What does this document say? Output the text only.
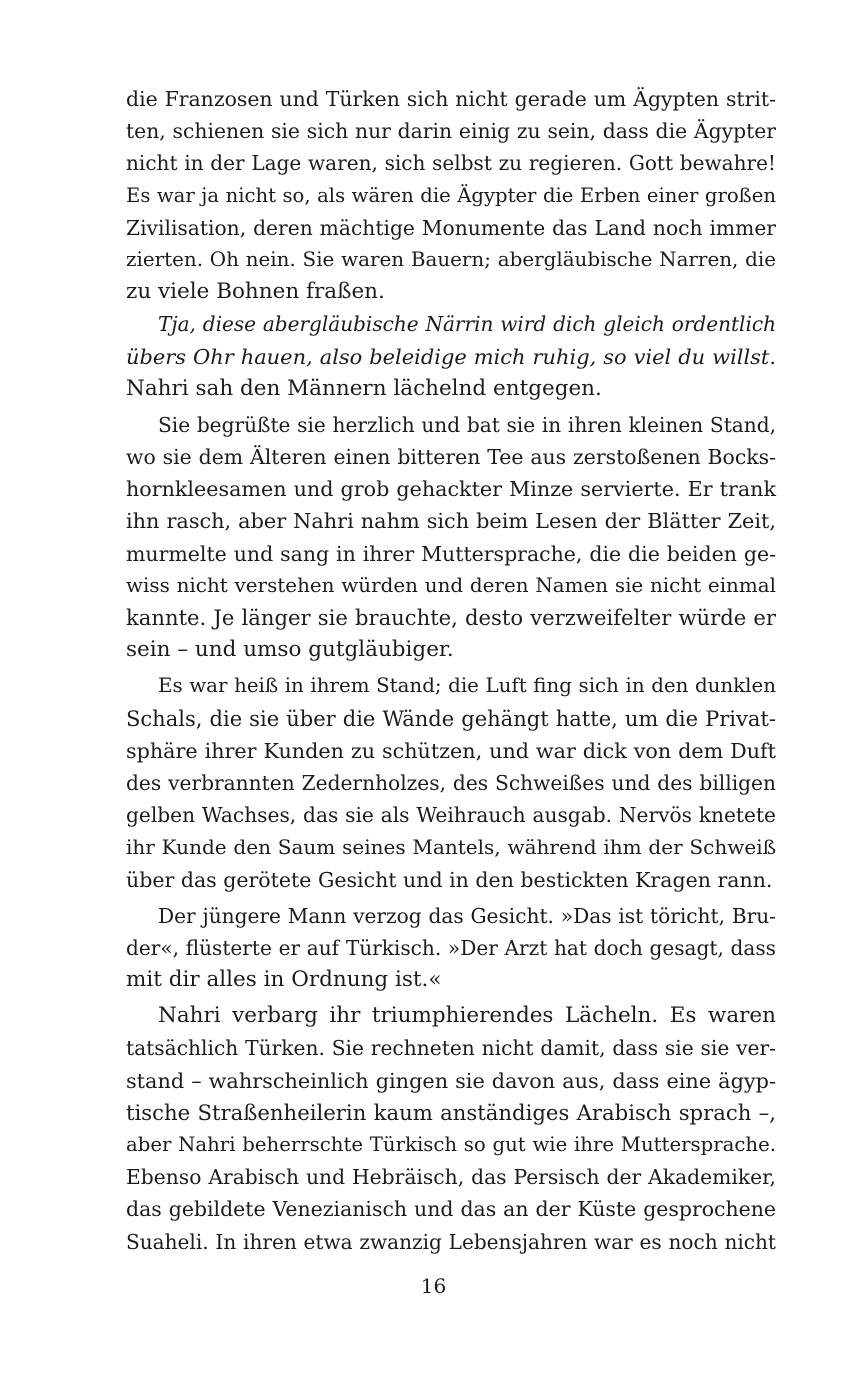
die Franzosen und Türken sich nicht gerade um Ägypten strit-
ten, schienen sie sich nur darin einig zu sein, dass die Ägypter
nicht in der Lage waren, sich selbst zu regieren. Gott bewahre!
Es war ja nicht so, als wären die Ägypter die Erben einer großen
Zivilisation, deren mächtige Monumente das Land noch immer
zierten. Oh nein. Sie waren Bauern; abergläubische Narren, die
zu viele Bohnen fraßen.
Tja, diese abergläubische Närrin wird dich gleich ordentlich
übers Ohr hauen, also beleidige mich ruhig, so viel du willst.
Nahri sah den Männern lächelnd entgegen.
Sie begrüßte sie herzlich und bat sie in ihren kleinen Stand,
wo sie dem Älteren einen bitteren Tee aus zerstoßenen Bocks-
hornkleesamen und grob gehackter Minze servierte. Er trank
ihn rasch, aber Nahri nahm sich beim Lesen der Blätter Zeit,
murmelte und sang in ihrer Muttersprache, die die beiden ge-
wiss nicht verstehen würden und deren Namen sie nicht einmal
kannte. Je länger sie brauchte, desto verzweifelter würde er
sein – und umso gutgläubiger.
Es war heiß in ihrem Stand; die Luft fing sich in den dunklen
Schals, die sie über die Wände gehängt hatte, um die Privat-
sphäre ihrer Kunden zu schützen, und war dick von dem Duft
des verbrannten Zedernholzes, des Schweißes und des billigen
gelben Wachses, das sie als Weihrauch ausgab. Nervös knetete
ihr Kunde den Saum seines Mantels, während ihm der Schweiß
über das gerötete Gesicht und in den bestickten Kragen rann.
Der jüngere Mann verzog das Gesicht. »Das ist töricht, Bru-
der«, flüsterte er auf Türkisch. »Der Arzt hat doch gesagt, dass
mit dir alles in Ordnung ist.«
Nahri verbarg ihr triumphierendes Lächeln. Es waren
tatsächlich Türken. Sie rechneten nicht damit, dass sie sie ver-
stand – wahrscheinlich gingen sie davon aus, dass eine ägyp-
tische Straßenheilerin kaum anständiges Arabisch sprach –,
aber Nahri beherrschte Türkisch so gut wie ihre Muttersprache.
Ebenso Arabisch und Hebräisch, das Persisch der Akademiker,
das gebildete Venezianisch und das an der Küste gesprochene
Suaheli. In ihren etwa zwanzig Lebensjahren war es noch nicht
16
